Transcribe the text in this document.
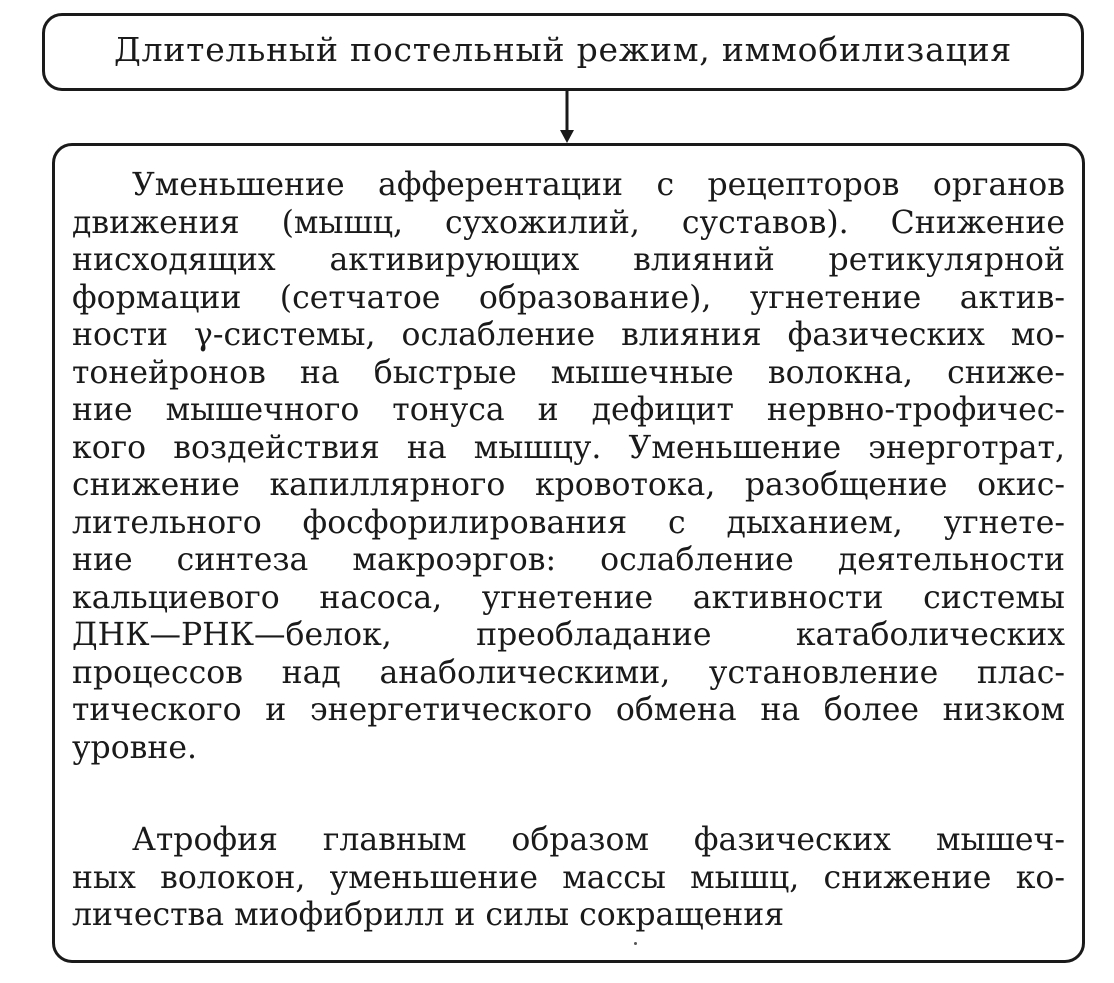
Длительный постельный режим, иммобилизация
Уменьшение афферентации с рецепторов органов
движения (мышц, сухожилий, суставов). Снижение
нисходящих активирующих влияний ретикулярной
формации (сетчатое образование), угнетение актив-
ности γ-системы, ослабление влияния фазических мо-
тонейронов на быстрые мышечные волокна, сниже-
ние мышечного тонуса и дефицит нервно-трофичес-
кого воздействия на мышцу. Уменьшение энерготрат,
снижение капиллярного кровотока, разобщение окис-
лительного фосфорилирования с дыханием, угнете-
ние синтеза макроэргов: ослабление деятельности
кальциевого насоса, угнетение активности системы
ДНК—РНК—белок, преобладание катаболических
процессов над анаболическими, установление плас-
тического и энергетического обмена на более низком
уровне.
Атрофия главным образом фазических мышеч-
ных волокон, уменьшение массы мышц, снижение ко-
личества миофибрилл и силы сокращения
